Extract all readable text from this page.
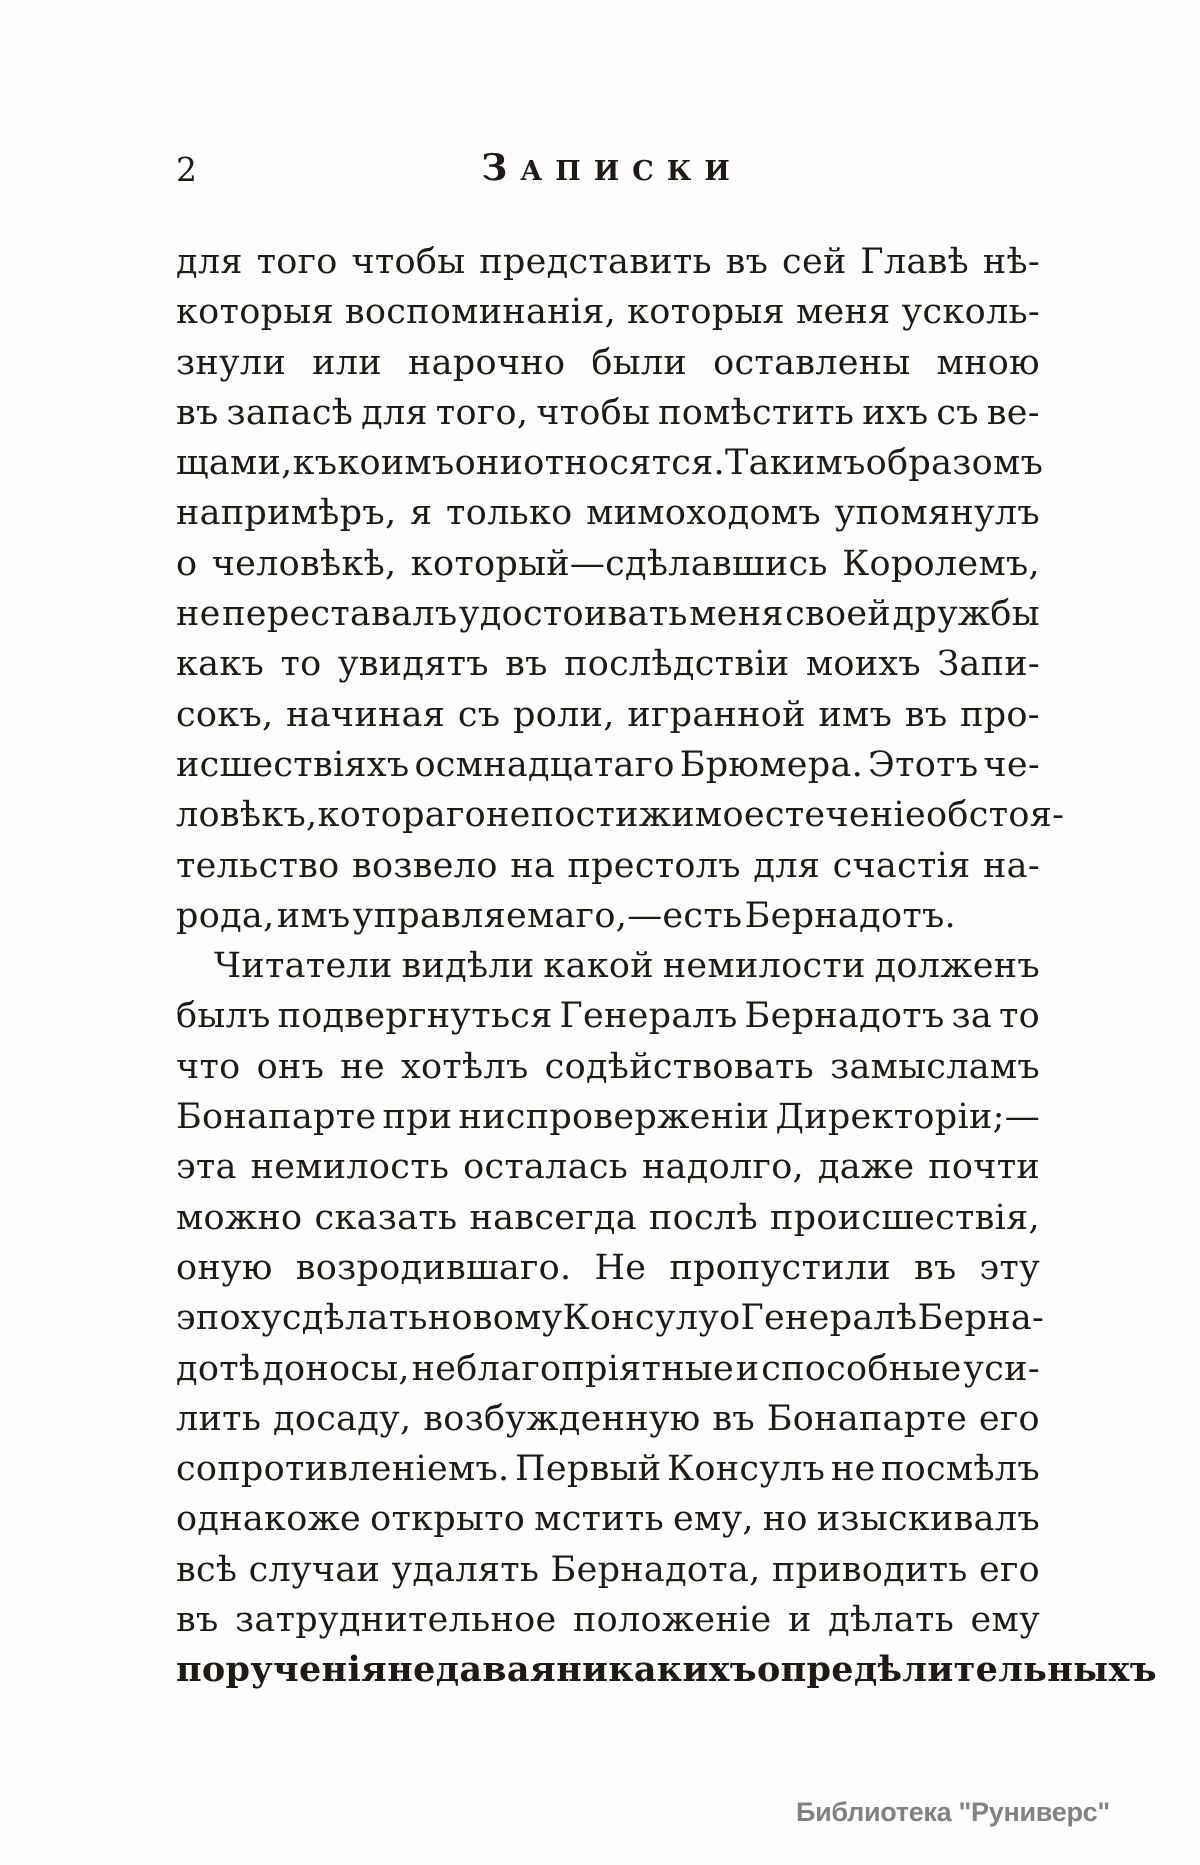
2	ЗАПИСКИ
для того чтобы представить въ сей Главѣ нѣ-
которыя воспоминанія, которыя меня усколь-
знули или нарочно были оставлены мною
въ запасѣ для того, чтобы помѣстить ихъ съ ве-
щами, къ коимъ они относятся. Такимъ образомъ
напримѣръ, я только мимоходомъ упомянулъ
о человѣкѣ, который—сдѣлавшись Королемъ,
не переставалъ удостоивать меня своей дружбы
какъ то увидятъ въ послѣдствіи моихъ Запи-
сокъ, начиная съ роли, игранной имъ въ про-
исшествіяхъ осмнадцатаго Брюмера. Этотъ че-
ловѣкъ, котораго непостижимое стеченіе обстоя-
тельство возвело на престолъ для счастія на-
рода, имъ управляемаго,—есть Бернадотъ.
Читатели видѣли какой немилости долженъ
былъ подвергнуться Генералъ Бернадотъ за то
что онъ не хотѣлъ содѣйствовать замысламъ
Бонапарте при ниспроверженіи Директоріи;—
эта немилость осталась надолго, даже почти
можно сказать навсегда послѣ происшествія,
оную возродившаго. Не пропустили въ эту
эпоху сдѣлать новому Консулу о Генералѣ Берна-
дотѣ доносы, неблагопріятные и способные уси-
лить досаду, возбужденную въ Бонапарте его
сопротивленіемъ. Первый Консулъ не посмѣлъ
однакоже открыто мстить ему, но изыскивалъ
всѣ случаи удалять Бернадота, приводить его
въ затруднительное положеніе и дѣлать ему
порученія не давая никакихъ опредѣлительныхъ
Библиотека "Руниверс"
